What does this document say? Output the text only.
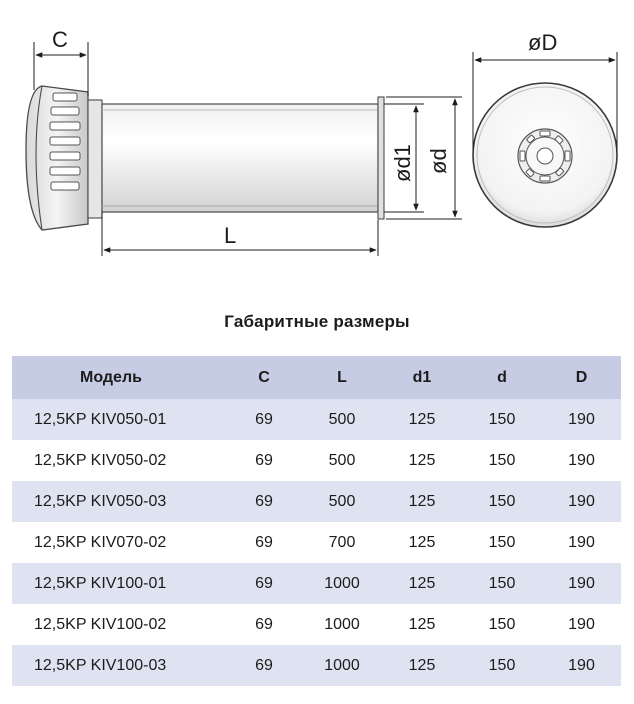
C
L
ød1 ød
øD
Габаритные размеры
Модель	C	L	d1	d	D
12,5KP KIV050-01	69	500	125	150	190
12,5KP KIV050-02	69	500	125	150	190
12,5KP KIV050-03	69	500	125	150	190
12,5KP KIV070-02	69	700	125	150	190
12,5KP KIV100-01	69	1000	125	150	190
12,5KP KIV100-02	69	1000	125	150	190
12,5KP KIV100-03	69	1000	125	150	190
